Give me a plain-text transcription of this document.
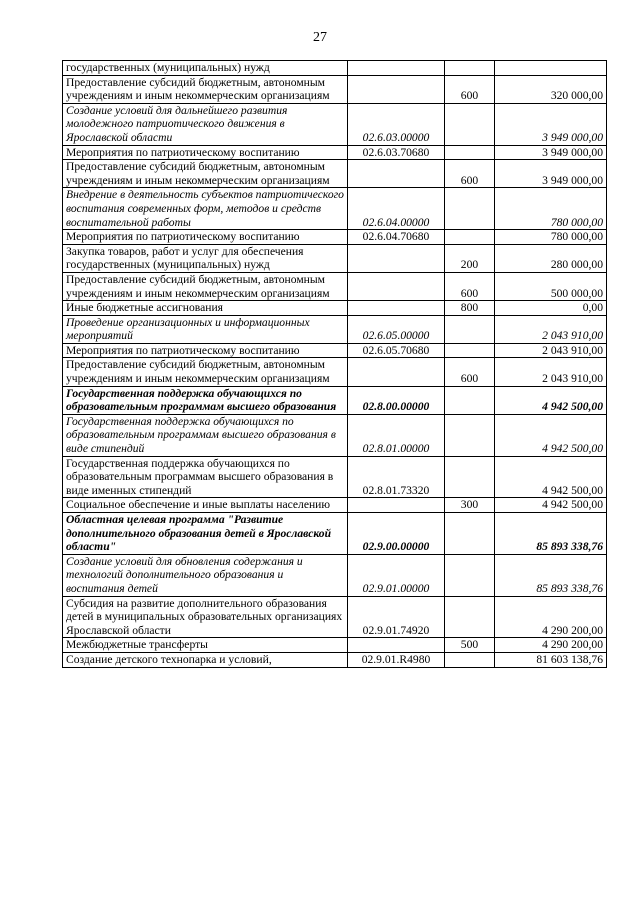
27
государственных (муниципальных) нужд			
Предоставление субсидий бюджетным, автономным учреждениям и иным некоммерческим организациям		600	320 000,00
Создание условий для дальнейшего развития молодежного патриотического движения в Ярославской области	02.6.03.00000		3 949 000,00
Мероприятия по патриотическому воспитанию	02.6.03.70680		3 949 000,00
Предоставление субсидий бюджетным, автономным учреждениям и иным некоммерческим организациям		600	3 949 000,00
Внедрение в деятельность субъектов патриотического воспитания современных форм, методов и средств воспитательной работы	02.6.04.00000		780 000,00
Мероприятия по патриотическому воспитанию	02.6.04.70680		780 000,00
Закупка товаров, работ и услуг для обеспечения государственных (муниципальных) нужд		200	280 000,00
Предоставление субсидий бюджетным, автономным учреждениям и иным некоммерческим организациям		600	500 000,00
Иные бюджетные ассигнования		800	0,00
Проведение организационных и информационных мероприятий	02.6.05.00000		2 043 910,00
Мероприятия по патриотическому воспитанию	02.6.05.70680		2 043 910,00
Предоставление субсидий бюджетным, автономным учреждениям и иным некоммерческим организациям		600	2 043 910,00
Государственная поддержка обучающихся по образовательным программам высшего образования	02.8.00.00000		4 942 500,00
Государственная поддержка обучающихся по образовательным программам высшего образования в виде стипендий	02.8.01.00000		4 942 500,00
Государственная поддержка обучающихся по образовательным программам высшего образования в виде именных стипендий	02.8.01.73320		4 942 500,00
Социальное обеспечение и иные выплаты населению		300	4 942 500,00
Областная целевая программа "Развитие дополнительного образования детей в Ярославской области"	02.9.00.00000		85 893 338,76
Создание условий для обновления содержания и технологий дополнительного образования и воспитания детей	02.9.01.00000		85 893 338,76
Субсидия на развитие дополнительного образования детей в муниципальных образовательных организациях Ярославской области	02.9.01.74920		4 290 200,00
Межбюджетные трансферты		500	4 290 200,00
Создание детского технопарка и условий,	02.9.01.R4980		81 603 138,76
